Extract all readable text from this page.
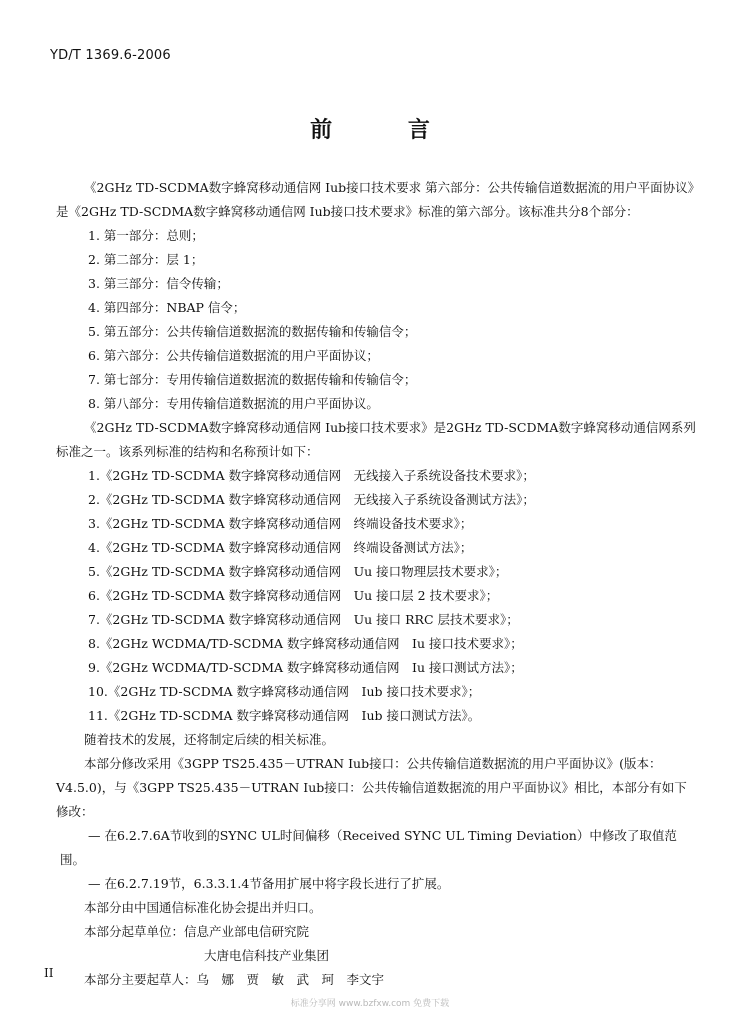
YD/T 1369.6-2006
前 言

《2GHz TD-SCDMA数字蜂窝移动通信网 Iub接口技术要求 第六部分：公共传输信道数据流的用户平面协议》是《2GHz TD-SCDMA数字蜂窝移动通信网 Iub接口技术要求》标准的第六部分。该标准共分8个部分：

1. 第一部分：总则；

2. 第二部分：层 1；

3. 第三部分：信令传输；

4. 第四部分：NBAP 信令；

5. 第五部分：公共传输信道数据流的数据传输和传输信令；

6. 第六部分：公共传输信道数据流的用户平面协议；

7. 第七部分：专用传输信道数据流的数据传输和传输信令；

8. 第八部分：专用传输信道数据流的用户平面协议。

《2GHz TD-SCDMA数字蜂窝移动通信网 Iub接口技术要求》是2GHz TD-SCDMA数字蜂窝移动通信网系列标准之一。该系列标准的结构和名称预计如下：

1.《2GHz TD-SCDMA 数字蜂窝移动通信网　无线接入子系统设备技术要求》；

2.《2GHz TD-SCDMA 数字蜂窝移动通信网　无线接入子系统设备测试方法》；

3.《2GHz TD-SCDMA 数字蜂窝移动通信网　终端设备技术要求》；

4.《2GHz TD-SCDMA 数字蜂窝移动通信网　终端设备测试方法》；

5.《2GHz TD-SCDMA 数字蜂窝移动通信网　Uu 接口物理层技术要求》；

6.《2GHz TD-SCDMA 数字蜂窝移动通信网　Uu 接口层 2 技术要求》；

7.《2GHz TD-SCDMA 数字蜂窝移动通信网　Uu 接口 RRC 层技术要求》；

8.《2GHz WCDMA/TD-SCDMA 数字蜂窝移动通信网　Iu 接口技术要求》；

9.《2GHz WCDMA/TD-SCDMA 数字蜂窝移动通信网　Iu 接口测试方法》；

10.《2GHz TD-SCDMA 数字蜂窝移动通信网　Iub 接口技术要求》；

11.《2GHz TD-SCDMA 数字蜂窝移动通信网　Iub 接口测试方法》。

随着技术的发展，还将制定后续的相关标准。

本部分修改采用《3GPP TS25.435－UTRAN Iub接口：公共传输信道数据流的用户平面协议》(版本：V4.5.0)，与《3GPP TS25.435－UTRAN Iub接口：公共传输信道数据流的用户平面协议》相比，本部分有如下修改：

— 在6.2.7.6A节收到的SYNC UL时间偏移（Received SYNC UL Timing Deviation）中修改了取值范围。

— 在6.2.7.19节，6.3.3.1.4节备用扩展中将字段长进行了扩展。

本部分由中国通信标准化协会提出并归口。

本部分起草单位：信息产业部电信研究院

大唐电信科技产业集团

本部分主要起草人：乌　娜　贾　敏　武　珂　李文宇

II
标准分享网 www.bzfxw.com 免费下载
